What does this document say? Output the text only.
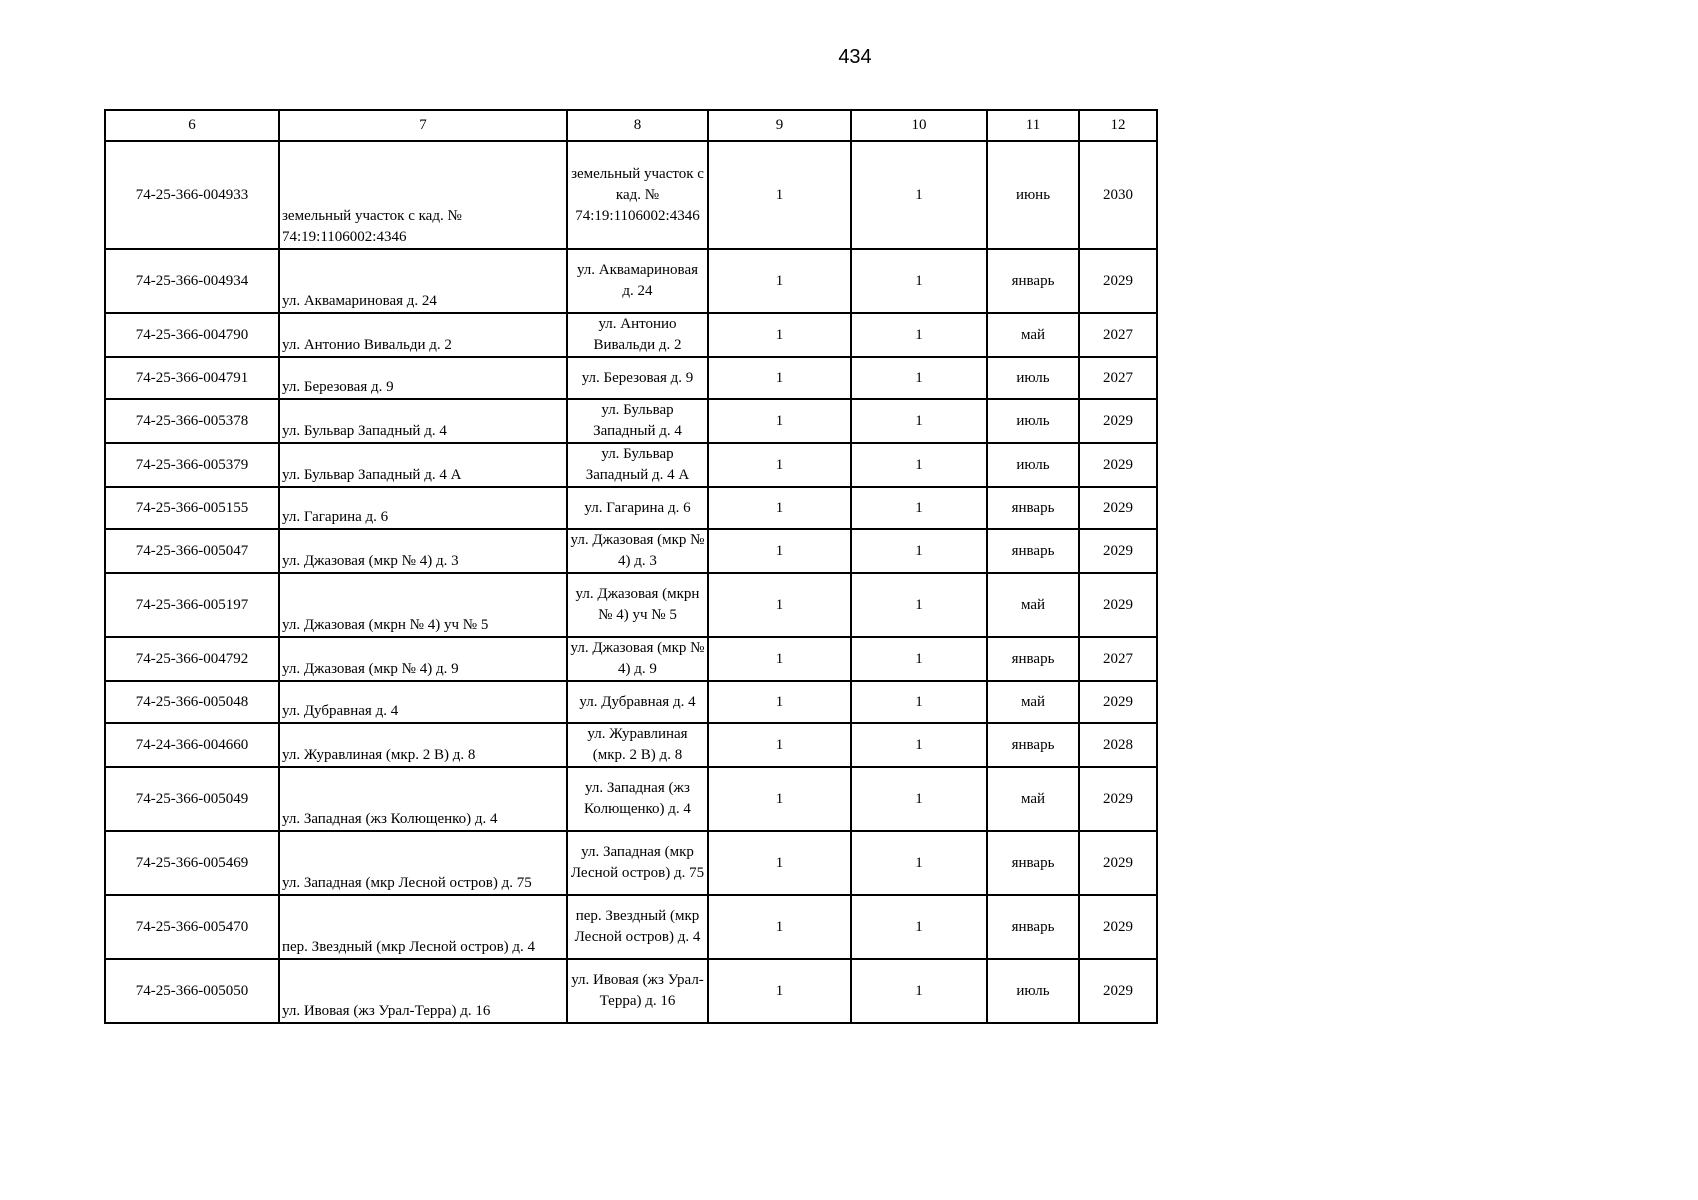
434
6	7	8	9	10	11	12
74-25-366-004933	земельный участок с кад. № 74:19:1106002:4346	земельный участок с кад. № 74:19:1106002:4346	1	1	июнь	2030
74-25-366-004934	ул. Аквамариновая д. 24	ул. Аквамариновая д. 24	1	1	январь	2029
74-25-366-004790	ул. Антонио Вивальди д. 2	ул. Антонио Вивальди д. 2	1	1	май	2027
74-25-366-004791	ул. Березовая д. 9	ул. Березовая д. 9	1	1	июль	2027
74-25-366-005378	ул. Бульвар Западный д. 4	ул. Бульвар Западный д. 4	1	1	июль	2029
74-25-366-005379	ул. Бульвар Западный д. 4 А	ул. Бульвар Западный д. 4 А	1	1	июль	2029
74-25-366-005155	ул. Гагарина д. 6	ул. Гагарина д. 6	1	1	январь	2029
74-25-366-005047	ул. Джазовая (мкр № 4) д. 3	ул. Джазовая (мкр № 4) д. 3	1	1	январь	2029
74-25-366-005197	ул. Джазовая (мкрн № 4) уч № 5	ул. Джазовая (мкрн № 4) уч № 5	1	1	май	2029
74-25-366-004792	ул. Джазовая (мкр № 4) д. 9	ул. Джазовая (мкр № 4) д. 9	1	1	январь	2027
74-25-366-005048	ул. Дубравная д. 4	ул. Дубравная д. 4	1	1	май	2029
74-24-366-004660	ул. Журавлиная (мкр. 2 В) д. 8	ул. Журавлиная (мкр. 2 В) д. 8	1	1	январь	2028
74-25-366-005049	ул. Западная (жз Колющенко) д. 4	ул. Западная (жз Колющенко) д. 4	1	1	май	2029
74-25-366-005469	ул. Западная (мкр Лесной остров) д. 75	ул. Западная (мкр Лесной остров) д. 75	1	1	январь	2029
74-25-366-005470	пер. Звездный (мкр Лесной остров) д. 4	пер. Звездный (мкр Лесной остров) д. 4	1	1	январь	2029
74-25-366-005050	ул. Ивовая (жз Урал-Терра) д. 16	ул. Ивовая (жз Урал-Терра) д. 16	1	1	июль	2029
